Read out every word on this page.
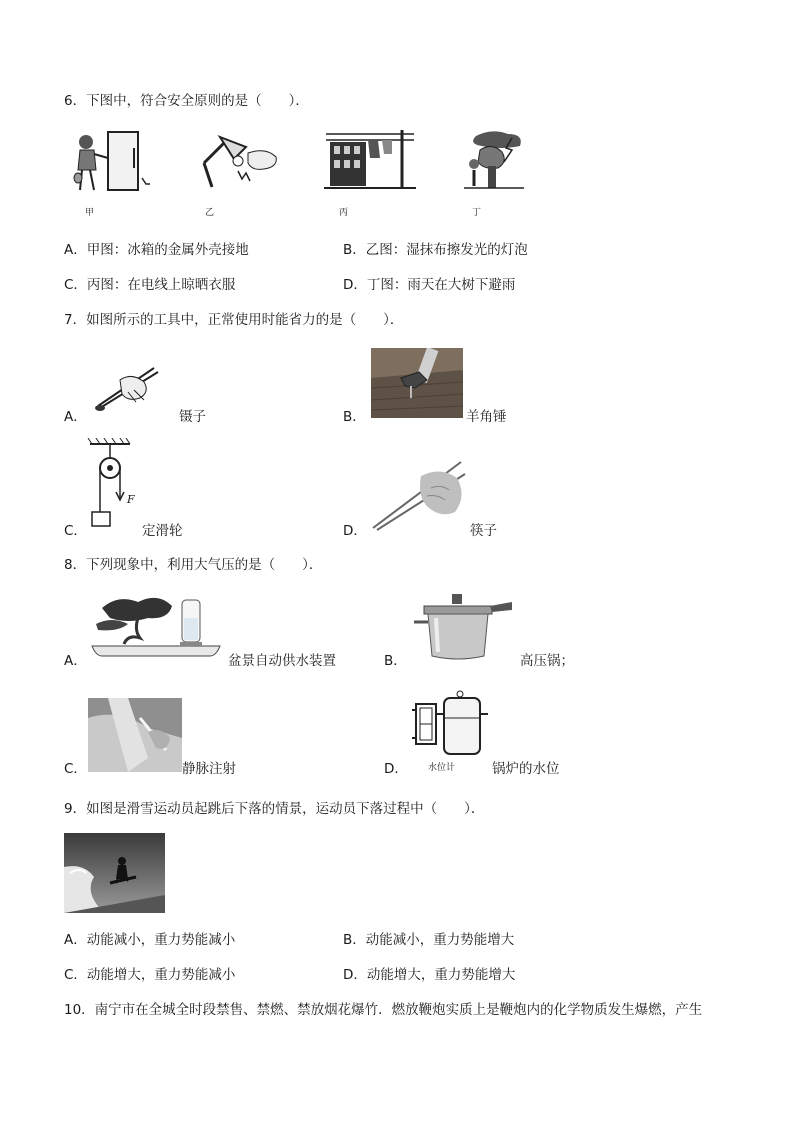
6．下图中，符合安全原则的是（　　）．
甲	乙	丙	丁
A．甲图：冰箱的金属外壳接地	B．乙图：湿抹布擦发光的灯泡
C．丙图：在电线上晾晒衣服	D．丁图：雨天在大树下避雨
7．如图所示的工具中，正常使用时能省力的是（　　）．
A．	镊子	B．	羊角锤
F
C．	定滑轮	D．	筷子
8．下列现象中，利用大气压的是（　　）．
A．	盆景自动供水装置	B．	高压锅；
C．	静脉注射	水位计
D．	锅炉的水位
9．如图是滑雪运动员起跳后下落的情景，运动员下落过程中（　　）．
A．动能减小，重力势能减小	B．动能减小，重力势能增大
C．动能增大，重力势能减小	D．动能增大，重力势能增大
10．南宁市在全城全时段禁售、禁燃、禁放烟花爆竹．燃放鞭炮实质上是鞭炮内的化学物质发生爆燃，产生
